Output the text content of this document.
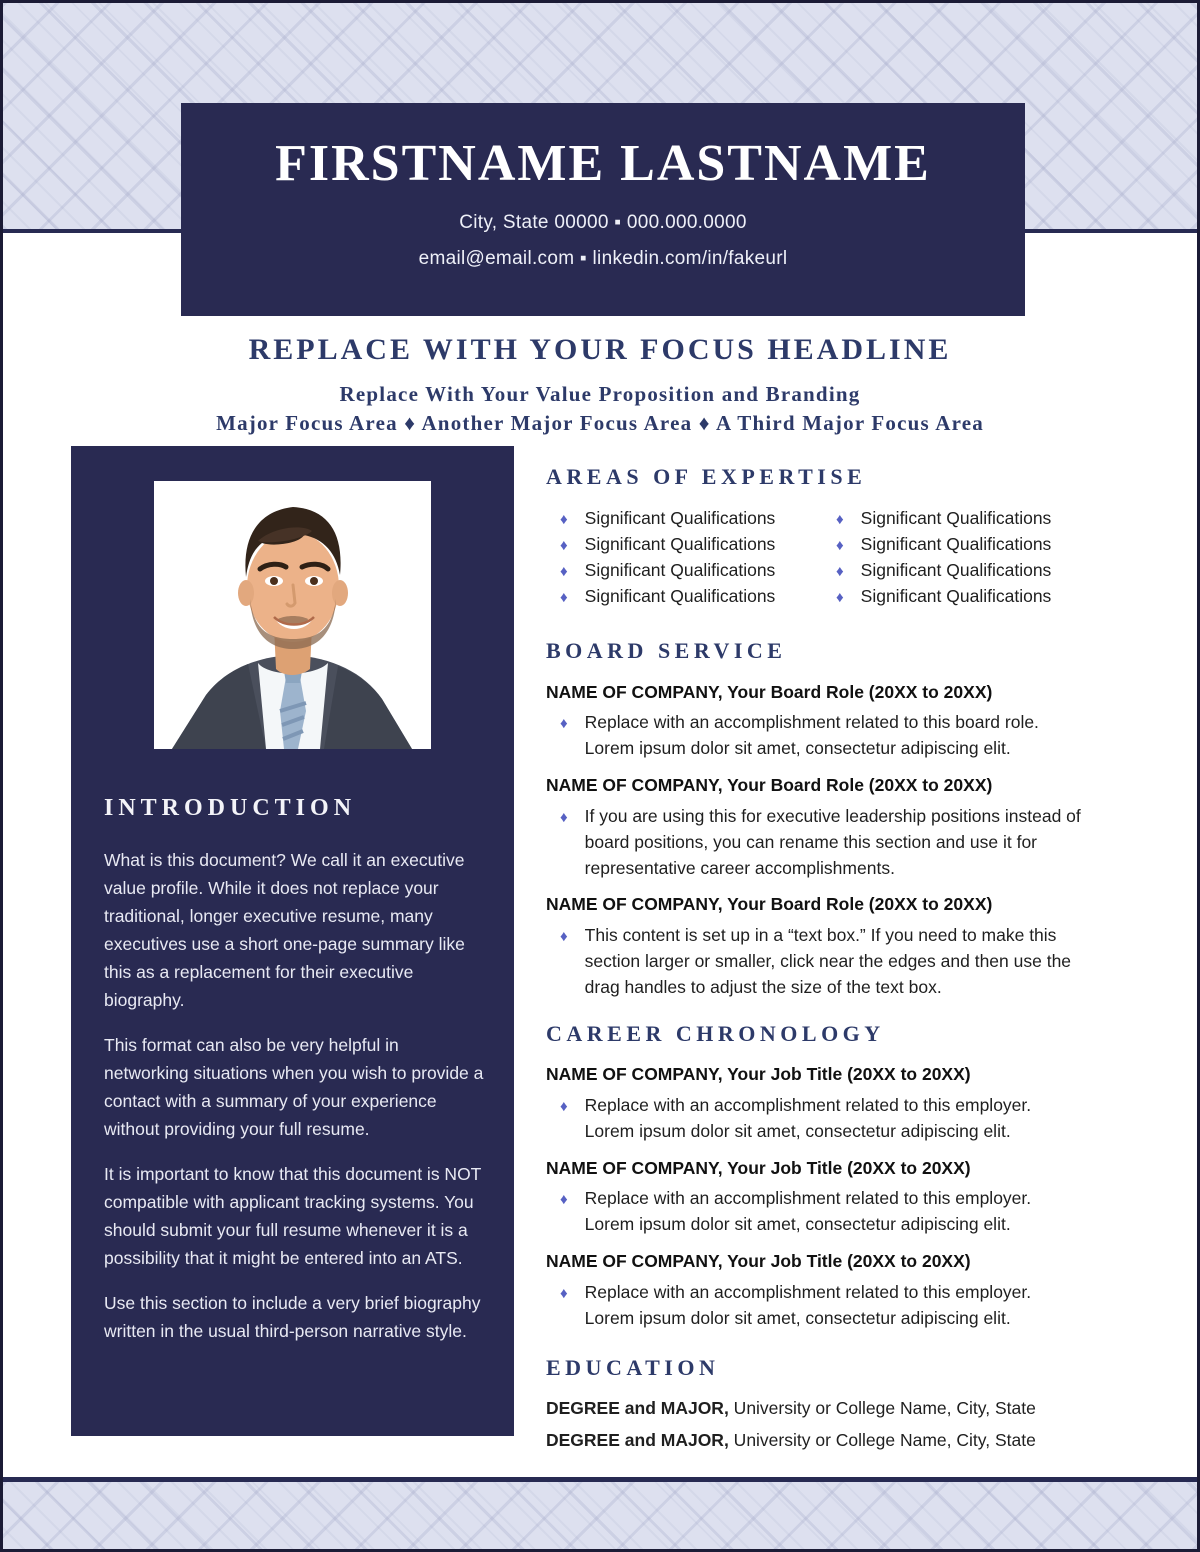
FIRSTNAME LASTNAME
City, State 00000 ▪ 000.000.0000
email@email.com ▪ linkedin.com/in/fakeurl
REPLACE WITH YOUR FOCUS HEADLINE
Replace With Your Value Proposition and Branding
Major Focus Area ♦ Another Major Focus Area ♦ A Third Major Focus Area
INTRODUCTION

What is this document? We call it an executive value profile. While it does not replace your traditional, longer executive resume, many executives use a short one-page summary like this as a replacement for their executive biography.

This format can also be very helpful in networking situations when you wish to provide a contact with a summary of your experience without providing your full resume.

It is important to know that this document is NOT compatible with applicant tracking systems. You should submit your full resume whenever it is a possibility that it might be entered into an ATS.

Use this section to include a very brief biography written in the usual third-person narrative style.

AREAS OF EXPERTISE
♦ Significant Qualifications	♦ Significant Qualifications
♦ Significant Qualifications	♦ Significant Qualifications
♦ Significant Qualifications	♦ Significant Qualifications
♦ Significant Qualifications	♦ Significant Qualifications
BOARD SERVICE
NAME OF COMPANY, Your Board Role (20XX to 20XX)
♦ Replace with an accomplishment related to this board role. Lorem ipsum dolor sit amet, consectetur adipiscing elit.
NAME OF COMPANY, Your Board Role (20XX to 20XX)
♦ If you are using this for executive leadership positions instead of board positions, you can rename this section and use it for representative career accomplishments.
NAME OF COMPANY, Your Board Role (20XX to 20XX)
♦ This content is set up in a “text box.” If you need to make this section larger or smaller, click near the edges and then use the drag handles to adjust the size of the text box.
CAREER CHRONOLOGY
NAME OF COMPANY, Your Job Title (20XX to 20XX)
♦ Replace with an accomplishment related to this employer. Lorem ipsum dolor sit amet, consectetur adipiscing elit.
NAME OF COMPANY, Your Job Title (20XX to 20XX)
♦ Replace with an accomplishment related to this employer. Lorem ipsum dolor sit amet, consectetur adipiscing elit.
NAME OF COMPANY, Your Job Title (20XX to 20XX)
♦ Replace with an accomplishment related to this employer. Lorem ipsum dolor sit amet, consectetur adipiscing elit.
EDUCATION
DEGREE and MAJOR, University or College Name, City, State
DEGREE and MAJOR, University or College Name, City, State
